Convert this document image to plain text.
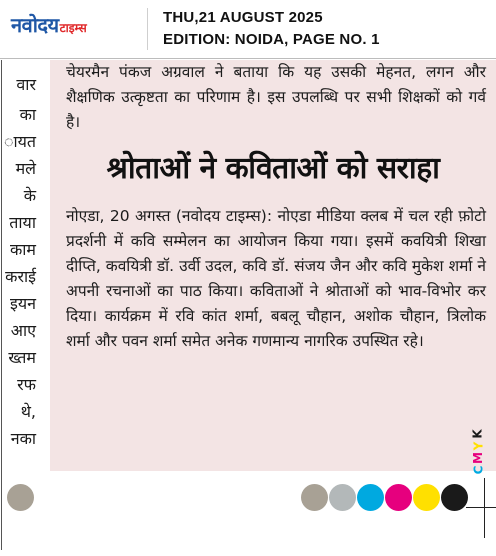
नवोदय टाइम्स
THU,21 AUGUST 2025
EDITION: NOIDA, PAGE NO. 1
वार
का
ायत
मले
के
ताया
काम
कराई
इयन
आए
ख्तम
रफ
थे,
नका
चेयरमैन पंकज अग्रवाल ने बताया कि यह उसकी मेहनत, लगन और शैक्षणिक उत्कृष्टता का परिणाम है। इस उपलब्धि पर सभी शिक्षकों को गर्व है।
श्रोताओं ने कविताओं को सराहा
नोएडा, 20 अगस्त (नवोदय टाइम्स): नोएडा मीडिया क्लब में चल रही फ़ोटो प्रदर्शनी में कवि सम्मेलन का आयोजन किया गया। इसमें कवयित्री शिखा दीप्ति, कवयित्री डॉ. उर्वी उदल, कवि डॉ. संजय जैन और कवि मुकेश शर्मा ने अपनी रचनाओं का पाठ किया। कविताओं ने श्रोताओं को भाव-विभोर कर दिया। कार्यक्रम में रवि कांत शर्मा, बबलू चौहान, अशोक चौहान, त्रिलोक शर्मा और पवन शर्मा समेत अनेक गणमान्य नागरिक उपस्थित रहे।
K
Y
M
C
